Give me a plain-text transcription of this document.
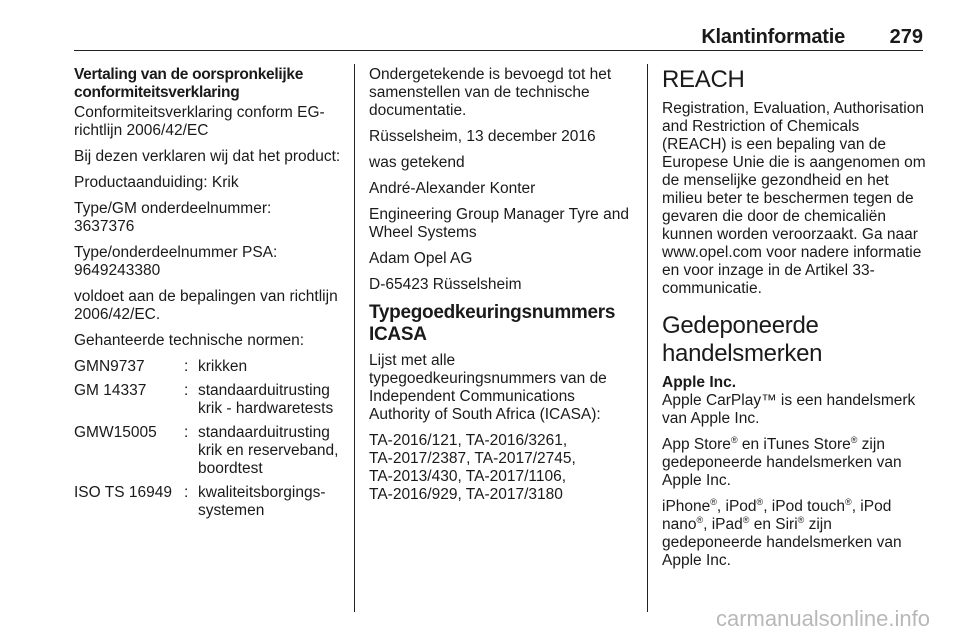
Klantinformatie 279

Vertaling van de oorspronkelijke conformiteitsverklaring

Conformiteitsverklaring conform EG-richtlijn 2006/42/EC

Bij dezen verklaren wij dat het product:

Productaanduiding: Krik

Type/GM onderdeelnummer:
3637376

Type/onderdeelnummer PSA:
9649243380

voldoet aan de bepalingen van richtlijn 2006/42/EC.

Gehanteerde technische normen:

GMN9737	:	krikken
GM 14337	:	standaarduitrusting krik - hardwaretests
GMW15005	:	standaarduitrusting krik en reserveband, boordtest
ISO TS 16949	:	kwaliteitsborgingssystemen

Ondergetekende is bevoegd tot het samenstellen van de technische documentatie.

Rüsselsheim, 13 december 2016

was getekend

André-Alexander Konter

Engineering Group Manager Tyre and Wheel Systems

Adam Opel AG

D-65423 Rüsselsheim

Typegoedkeuringsnummers ICASA

Lijst met alle typegoedkeuringsnummers van de Independent Communications Authority of South Africa (ICASA):

TA-2016/121, TA-2016/3261,
TA-2017/2387, TA-2017/2745,
TA-2013/430, TA-2017/1106,
TA-2016/929, TA-2017/3180

REACH

Registration, Evaluation, Authorisation and Restriction of Chemicals (REACH) is een bepaling van de Europese Unie die is aangenomen om de menselijke gezondheid en het milieu beter te beschermen tegen de gevaren die door de chemicaliën kunnen worden veroorzaakt. Ga naar www.opel.com voor nadere informatie en voor inzage in de Artikel 33-communicatie.

Gedeponeerde handelsmerken

Apple Inc.

Apple CarPlay™ is een handelsmerk van Apple Inc.

App Store® en iTunes Store® zijn gedeponeerde handelsmerken van Apple Inc.

iPhone®, iPod®, iPod touch®, iPod nano®, iPad® en Siri® zijn gedeponeerde handelsmerken van Apple Inc.

carmanualsonline.info
